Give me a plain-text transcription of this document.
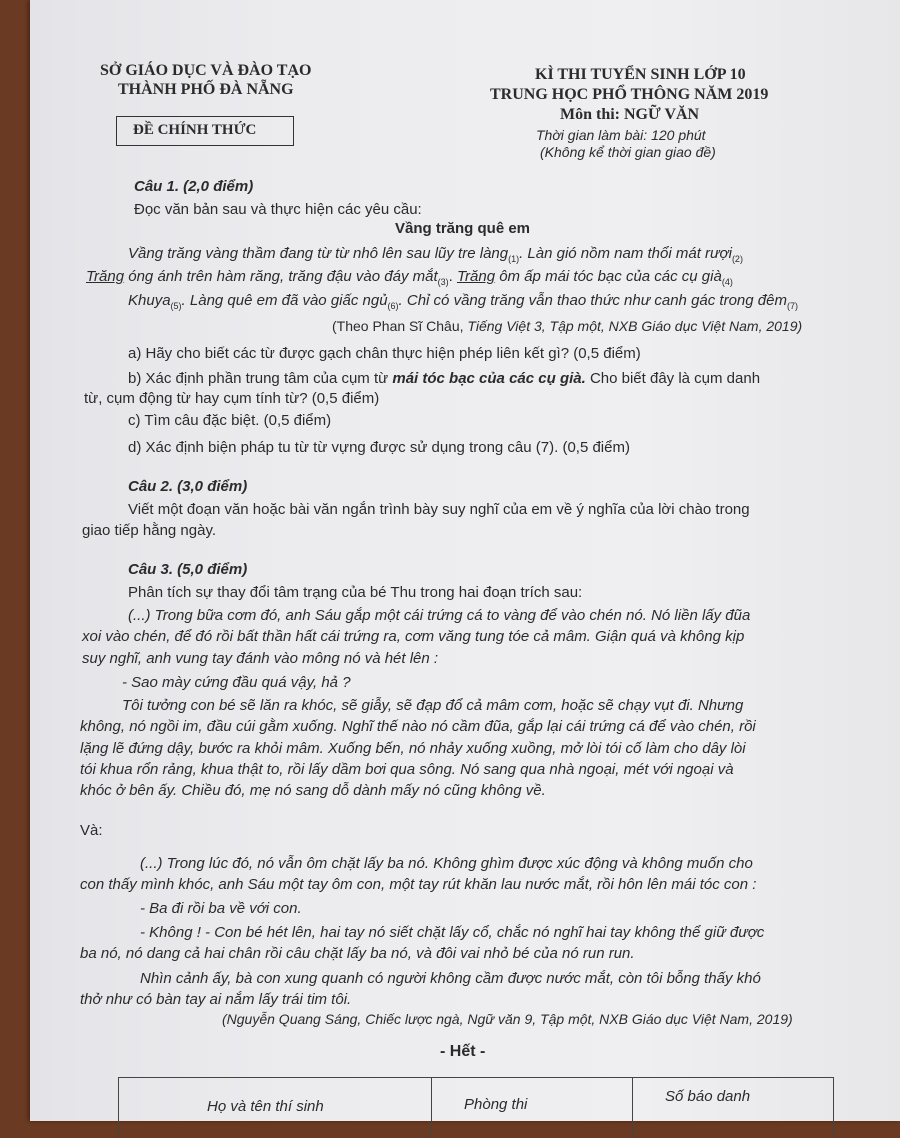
SỞ GIÁO DỤC VÀ ĐÀO TẠO
THÀNH PHỐ ĐÀ NẴNG
ĐỀ CHÍNH THỨC
KÌ THI TUYỂN SINH LỚP 10
TRUNG HỌC PHỔ THÔNG NĂM 2019
Môn thi: NGỮ VĂN
Thời gian làm bài: 120 phút
(Không kể thời gian giao đề)
Câu 1. (2,0 điểm)
Đọc văn bản sau và thực hiện các yêu cầu:
Vầng trăng quê em
Vầng trăng vàng thầm đang từ từ nhô lên sau lũy tre làng$_{(1)}$. Làn gió nồm nam thổi mát rượi$_{(2)}$
Trăng óng ánh trên hàm răng, trăng đậu vào đáy mắt$_{(3)}$. Trăng ôm ấp mái tóc bạc của các cụ già$_{(4)}$
Khuya$_{(5)}$. Làng quê em đã vào giấc ngủ$_{(6)}$. Chỉ có vầng trăng vẫn thao thức như canh gác trong đêm$_{(7)}$
(Theo Phan Sĩ Châu, Tiếng Việt 3, Tập một, NXB Giáo dục Việt Nam, 2019)
a) Hãy cho biết các từ được gạch chân thực hiện phép liên kết gì? (0,5 điểm)
b) Xác định phần trung tâm của cụm từ mái tóc bạc của các cụ già. Cho biết đây là cụm danh
từ, cụm động từ hay cụm tính từ? (0,5 điểm)
c) Tìm câu đặc biệt. (0,5 điểm)
d) Xác định biện pháp tu từ từ vựng được sử dụng trong câu (7). (0,5 điểm)
Câu 2. (3,0 điểm)
Viết một đoạn văn hoặc bài văn ngắn trình bày suy nghĩ của em về ý nghĩa của lời chào trong
giao tiếp hằng ngày.
Câu 3. (5,0 điểm)
Phân tích sự thay đổi tâm trạng của bé Thu trong hai đoạn trích sau:
(...) Trong bữa cơm đó, anh Sáu gắp một cái trứng cá to vàng để vào chén nó. Nó liền lấy đũa
xoi vào chén, để đó rồi bất thần hất cái trứng ra, cơm văng tung tóe cả mâm. Giận quá và không kịp
suy nghĩ, anh vung tay đánh vào mông nó và hét lên :
- Sao mày cứng đầu quá vậy, hả ?
Tôi tưởng con bé sẽ lăn ra khóc, sẽ giẫy, sẽ đạp đổ cả mâm cơm, hoặc sẽ chạy vụt đi. Nhưng
không, nó ngồi im, đầu cúi gằm xuống. Nghĩ thế nào nó cầm đũa, gắp lại cái trứng cá để vào chén, rồi
lặng lẽ đứng dậy, bước ra khỏi mâm. Xuống bến, nó nhảy xuống xuồng, mở lòi tói cố làm cho dây lòi
tói khua rổn rảng, khua thật to, rồi lấy dầm bơi qua sông. Nó sang qua nhà ngoại, mét với ngoại và
khóc ở bên ấy. Chiều đó, mẹ nó sang dỗ dành mấy nó cũng không về.
Và:
(...) Trong lúc đó, nó vẫn ôm chặt lấy ba nó. Không ghìm được xúc động và không muốn cho
con thấy mình khóc, anh Sáu một tay ôm con, một tay rút khăn lau nước mắt, rồi hôn lên mái tóc con :
- Ba đi rồi ba về với con.
- Không ! - Con bé hét lên, hai tay nó siết chặt lấy cổ, chắc nó nghĩ hai tay không thể giữ được
ba nó, nó dang cả hai chân rồi câu chặt lấy ba nó, và đôi vai nhỏ bé của nó run run.
Nhìn cảnh ấy, bà con xung quanh có người không cầm được nước mắt, còn tôi bỗng thấy khó
thở như có bàn tay ai nắm lấy trái tim tôi.
(Nguyễn Quang Sáng, Chiếc lược ngà, Ngữ văn 9, Tập một, NXB Giáo dục Việt Nam, 2019)
- Hết -
Họ và tên thí sinh	Phòng thi	Số báo danh
